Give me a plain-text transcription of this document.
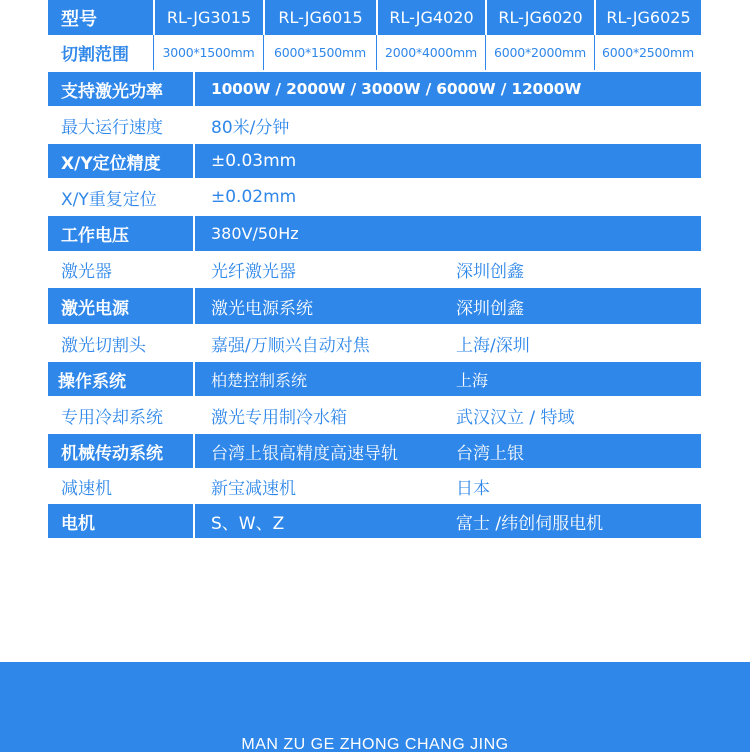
型号	RL-JG3015	RL-JG6015	RL-JG4020	RL-JG6020	RL-JG6025
切割范围	3000*1500mm	6000*1500mm	2000*4000mm	6000*2000mm	6000*2500mm
支持激光功率	1000W / 2000W / 3000W / 6000W / 12000W
最大运行速度	80米/分钟
X/Y定位精度	±0.03mm
X/Y重复定位	±0.02mm
工作电压	380V/50Hz
激光器	光纤激光器	深圳创鑫
激光电源	激光电源系统	深圳创鑫
激光切割头	嘉强/万顺兴自动对焦	上海/深圳
操作系统	柏楚控制系统	上海
专用冷却系统	激光专用制冷水箱	武汉汉立 / 特域
机械传动系统	台湾上银高精度高速导轨	台湾上银
减速机	新宝减速机	日本
电机	S、W、Z	富士 /纬创伺服电机
MAN ZU GE ZHONG CHANG JING
